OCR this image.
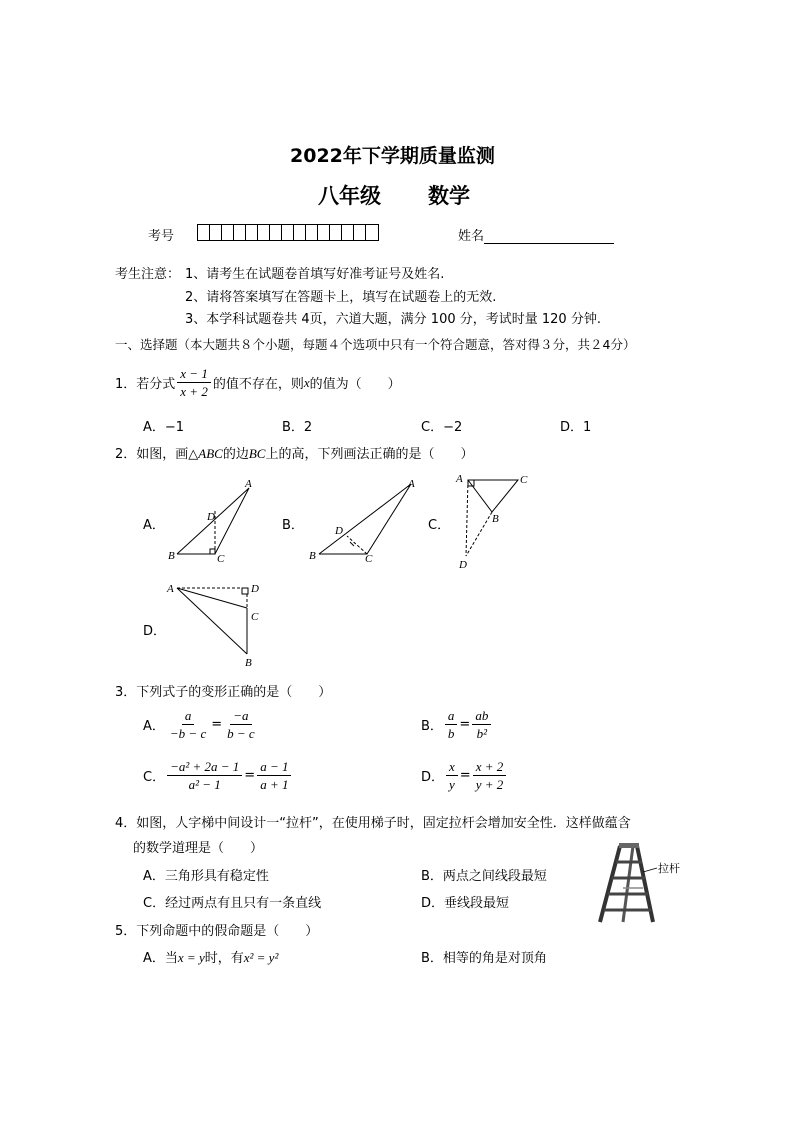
2022年下学期质量监测
八年级 数学
考号	姓名
考生注意： 1、请考生在试题卷首填写好准考证号及姓名.
2、请将答案填写在答题卡上，填写在试题卷上的无效.
3、本学科试题卷共 4页，六道大题，满分 100 分，考试时量 120 分钟.
一、选择题（本大题共８个小题，每题４个选项中只有一个符合题意，答对得３分，共２4分）
1．若分式 $\frac{x - 1}{x + 2}$ 的值不存在，则 x 的值为（　　）
A．−1	B．2	C．−2	D．1
2．如图，画△ABC的边BC上的高，下列画法正确的是（　　）
A．
A
B	C
D
B．
A
B	C
D	C．
A	C
B
D
D．
A	D
C
B
3．下列式子的变形正确的是（　　）
A． $\frac{a}{-b - c} = \frac{-a}{b - c}$	B． $\frac{a}{b} = \frac{ab}{\text{b²}}$
C． $\frac{\text{−a² + 2a − 1}}{\text{a² − 1}} = \frac{a - 1}{a + 1}$	D． $\frac{x}{y} = \frac{x + 2}{y + 2}$
4．如图，人字梯中间设计一“拉杆”，在使用梯子时，固定拉杆会增加安全性．这样做蕴含
的数学道理是（　　）
A．三角形具有稳定性	B．两点之间线段最短
C．经过两点有且只有一条直线	D．垂线段最短
拉杆
5．下列命题中的假命题是（　　）
A．当x = y时，有x² = y²	B．相等的角是对顶角
